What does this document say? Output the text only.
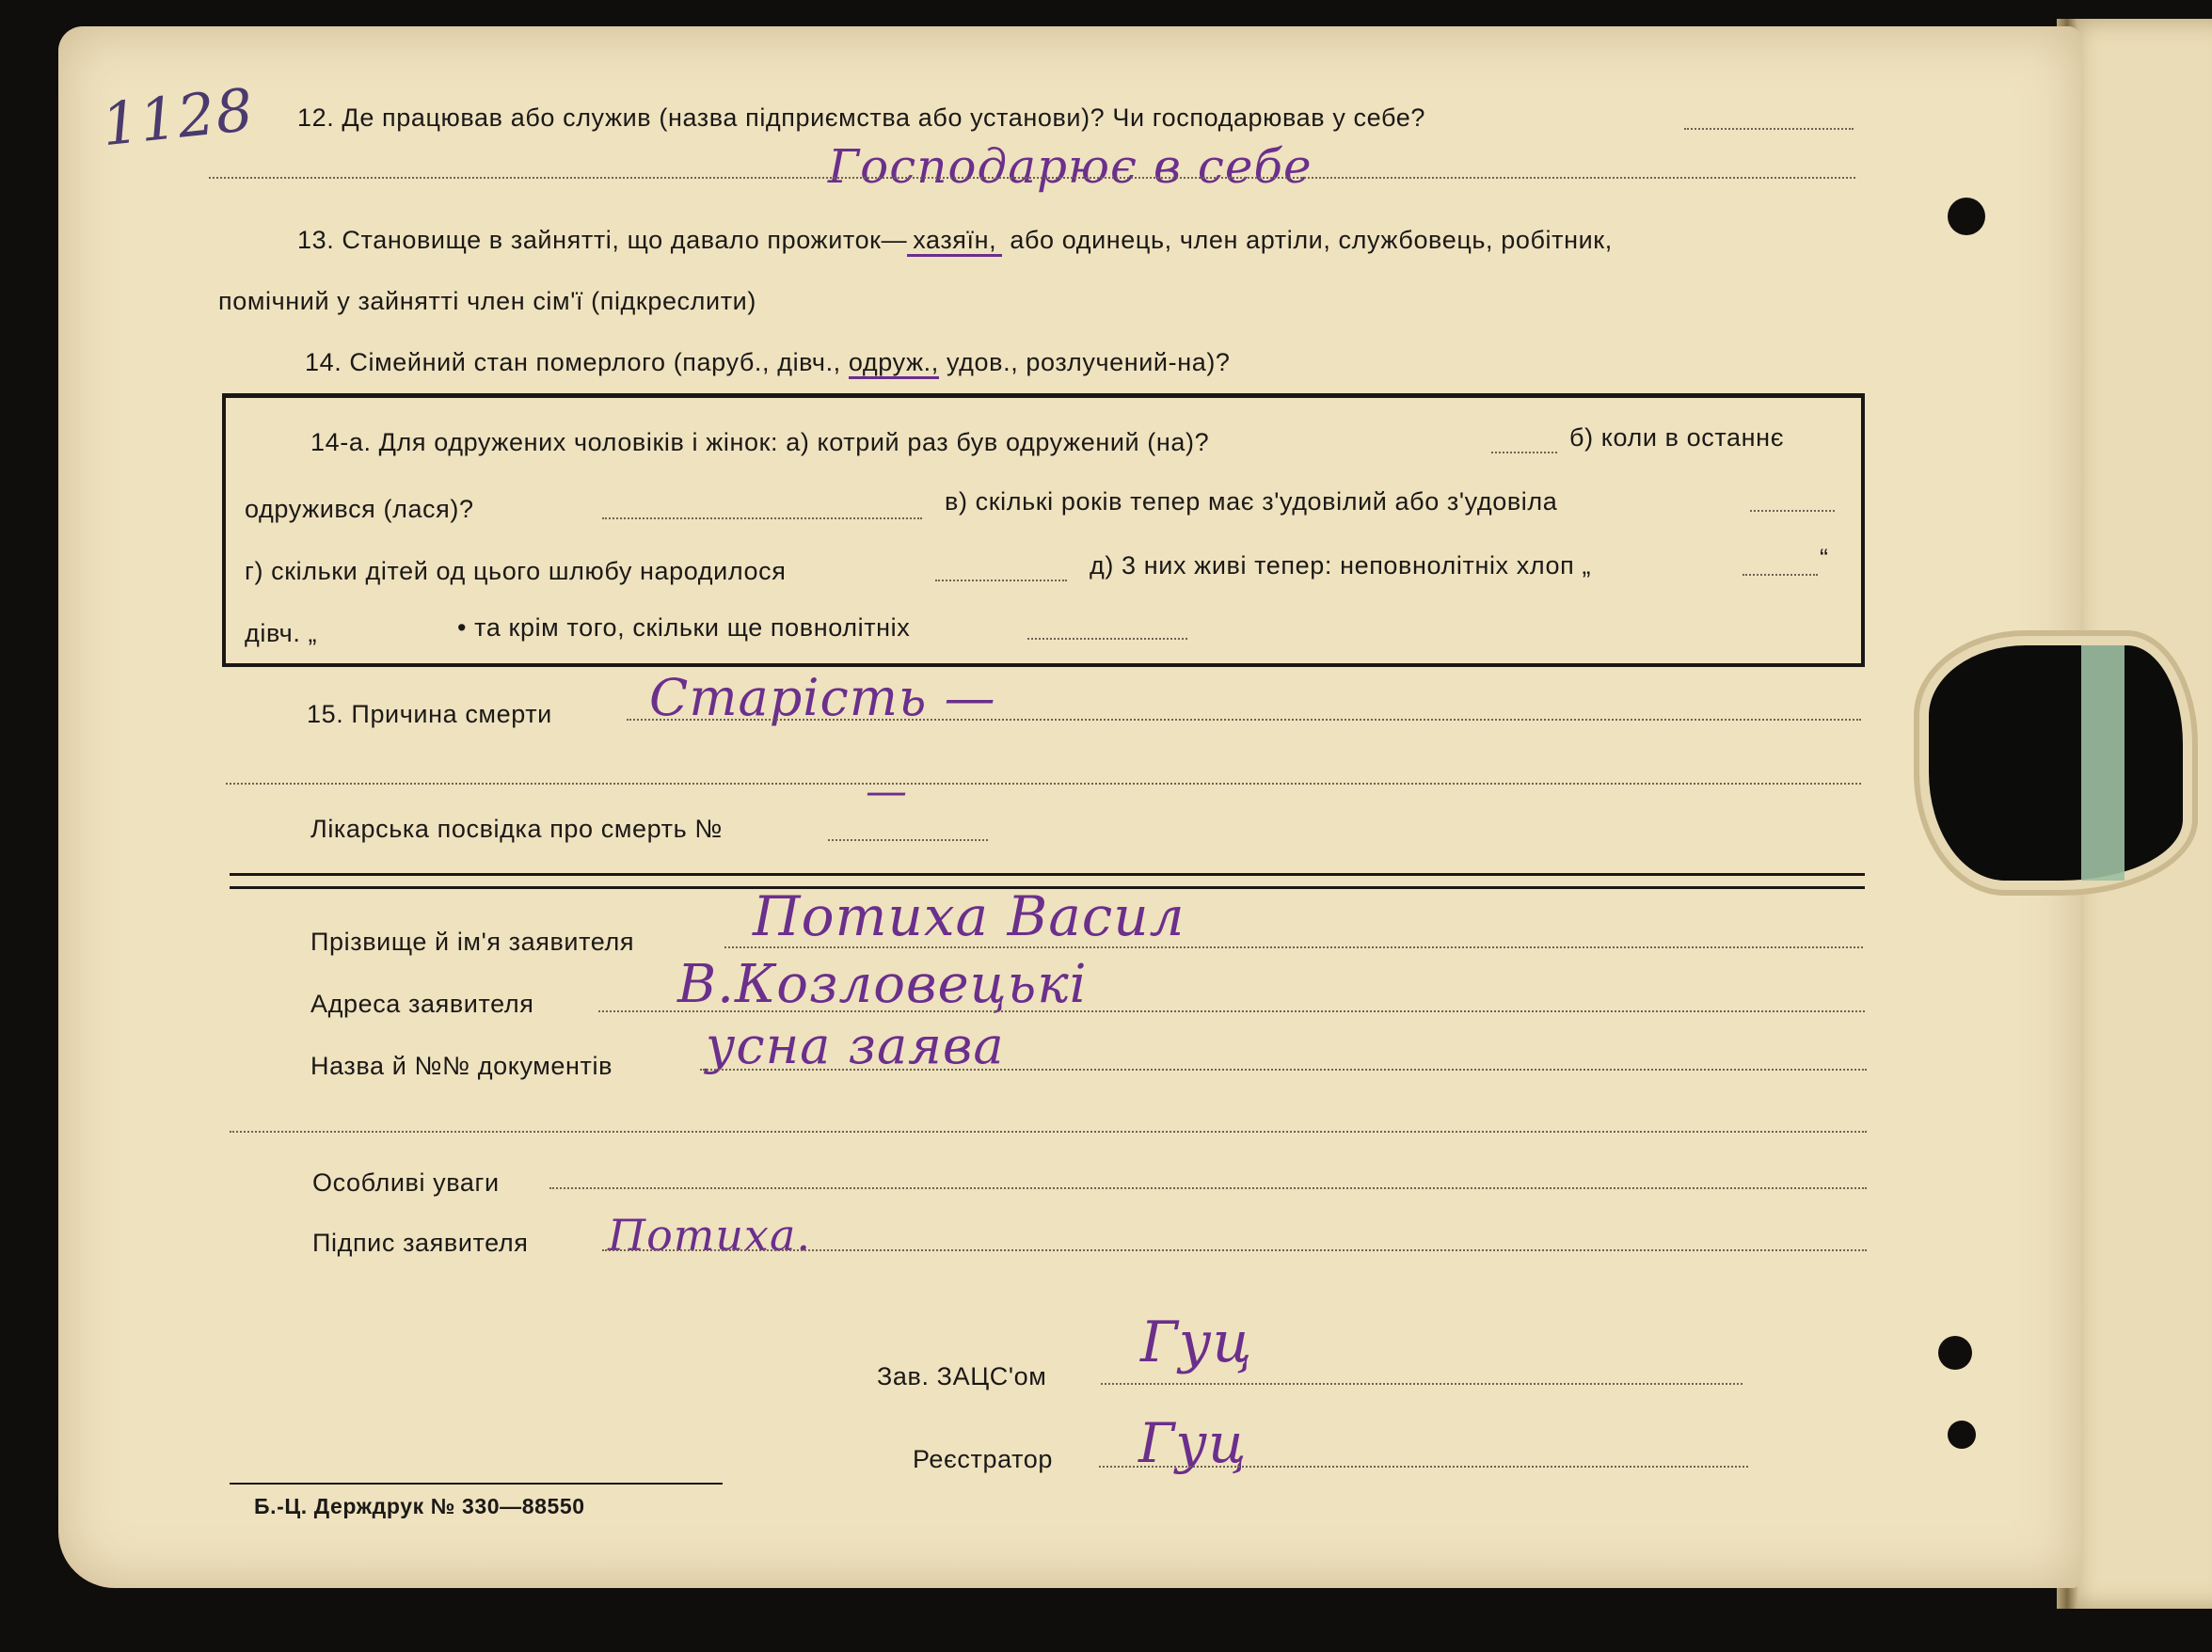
1128 12. Де працював або служив (назва підприємства або установи)? Чи господарював у себе?
Господарює в себе
13. Становище в зайнятті, що давало прожиток— хазяїн, або одинець, член артіли, службовець, робітник,
помічний у зайнятті член сім'ї (підкреслити)
14. Сімейний стан померлого (паруб., дівч., одруж., удов., розлучений-на)?
14-а. Для одружених чоловіків і жінок: а) котрий раз був одружений (на)?	б) коли в останнє
одружився (лася)?	в) скількі років тепер має з'удовілий або з'удовіла
г) скільки дітей од цього шлюбу народилося	д) 3 них живі тепер: неповнолітніх хлоп „	“
дівч. „	• та крім того, скільки ще повнолітніх
15. Причина смерти Старість —
Лікарська посвідка про смерть №
—
Прізвище й ім'я заявителя Потиха Васил
Адреса заявителя	В.Козловецькі
Назва й №№ документів усна заява
Особливі уваги
Підпис заявителя Потиха.
Зав. ЗАЦС'ом
Гуц
Реєстратор Гуц
Б.-Ц. Держдрук № 330—88550
